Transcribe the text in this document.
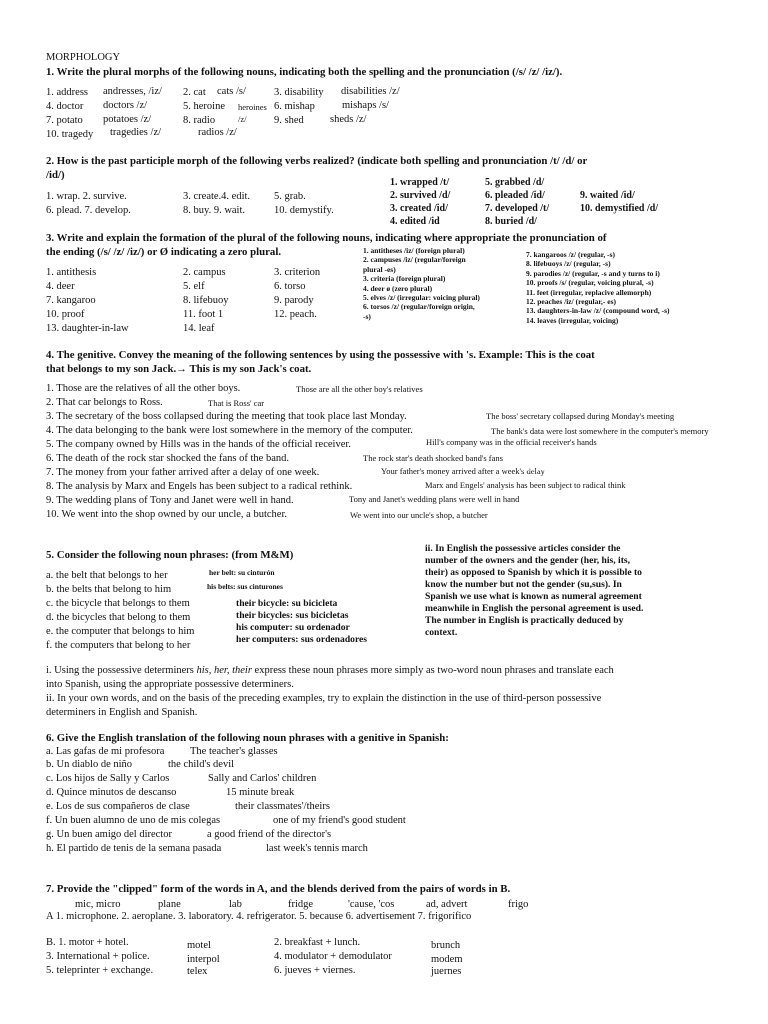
MORPHOLOGY
1. Write the plural morphs of the following nouns, indicating both the spelling and the pronunciation (/s/ /z/ /iz/).
1. address	2. cat	3. disability
4. doctor	5. heroine	6. mishap
7. potato	8. radio	9. shed
10. tragedy
andresses, /iz/	cats /s/	disabilities /z/
doctors /z/	heroines	mishaps /s/
potatoes /z/	/z/	sheds /z/
tragedies /z/	radios /z/
2. How is the past participle morph of the following verbs realized? (indicate both spelling and pronunciation /t/ /d/ or
/id/)
1. wrap. 2. survive.	3. create.4. edit. 5. grab.
6. plead. 7. develop.	8. buy. 9. wait.	10. demystify.
1. wrapped /t/	5. grabbed /d/
2. survived /d/	6. pleaded /id/	9. waited /id/
3. created /id/	7. developed /t/	10. demystified /d/
4. edited /id	8. buried /d/
3. Write and explain the formation of the plural of the following nouns, indicating where appropriate the pronunciation of
the ending (/s/ /z/ /iz/) or Ø indicating a zero plural.
1. antithesis	2. campus	3. criterion
4. deer	5. elf	6. torso
7. kangaroo	8. lifebuoy	9. parody
10. proof	11. foot 1	12. peach.
13. daughter-in-law	14. leaf
1. antitheses /iz/ (foreign plural)
2. campuses /iz/ (regular/foreign
plural -es)
3. criteria (foreign plural)
4. deer ø (zero plural)
5. elves /z/ (irregular: voicing plural)
6. torsos /z/ (regular/foreign origin,
-s)
7. kangaroos /z/ (regular, -s)
8. lifebuoys /z/ (regular, -s)
9. parodies /z/ (regular, -s and y turns to i)
10. proofs /s/ (regular, voicing plural, -s)
11. feet (irregular, replacive allemorph)
12. peaches /iz/ (regular,- es)
13. daughters-in-law /z/ (compound word, -s)
14. leaves (irregular, voicing)
4. The genitive. Convey the meaning of the following sentences by using the possessive with 's. Example: This is the coat
that belongs to my son Jack.→ This is my son Jack's coat.
1. Those are the relatives of all the other boys.
2. That car belongs to Ross.
3. The secretary of the boss collapsed during the meeting that took place last Monday.
4. The data belonging to the bank were lost somewhere in the memory of the computer.
5. The company owned by Hills was in the hands of the official receiver.
6. The death of the rock star shocked the fans of the band.
7. The money from your father arrived after a delay of one week.
8. The analysis by Marx and Engels has been subject to a radical rethink.
9. The wedding plans of Tony and Janet were well in hand.
10. We went into the shop owned by our uncle, a butcher.
Those are all the other boy's relatives
That is Ross' car
The boss' secretary collapsed during Monday's meeting
The bank's data were lost somewhere in the computer's memory
Hill's company was in the official receiver's hands
The rock star's death shocked band's fans
Your father's money arrived after a week's delay
Marx and Engels' analysis has been subject to radical think
Tony and Janet's wedding plans were well in hand
We went into our uncle's shop, a butcher
Marx and Engels's analysis has been has been subject to radical think
5. Consider the following noun phrases: (from M&M)
a. the belt that belongs to her
b. the belts that belong to him
c. the bicycle that belongs to them
d. the bicycles that belong to them
e. the computer that belongs to him
f. the computers that belong to her
her belt: su cinturón
his belts: sus cinturones
their bicycle: su bicicleta
their bicycles: sus bicicletas
his computer: su ordenador
her computers: sus ordenadores
ii. In English the possessive articles consider the number of the owners and the gender (her, his, its, their) as opposed to Spanish by which it is possible to know the number but not the gender (su,sus). In Spanish we use what is known as numeral agreement meanwhile in English the personal agreement is used. The number in English is practically deduced by context.
i. Using the possessive determiners his, her, their express these noun phrases more simply as two-word noun phrases and translate each
into Spanish, using the appropriate possessive determiners.
ii. In your own words, and on the basis of the preceding examples, try to explain the distinction in the use of third-person possessive
determiners in English and Spanish.
6. Give the English translation of the following noun phrases with a genitive in Spanish:
a. Las gafas de mi profesora
b. Un diablo de niño
c. Los hijos de Sally y Carlos
d. Quince minutos de descanso
e. Los de sus compañeros de clase
f. Un buen alumno de uno de mis colegas
g. Un buen amigo del director
h. El partido de tenis de la semana pasada
The teacher's glasses
the child's devil
Sally and Carlos' children
15 minute break
their classmates'/theirs
one of my friend's good student
a good friend of the director's
last week's tennis march
7. Provide the "clipped" form of the words in A, and the blends derived from the pairs of words in B.
mic, micro	plane	lab	fridge	'cause, 'cos	ad, advert	frigo
A 1. microphone. 2. aeroplane. 3. laboratory. 4. refrigerator. 5. because 6. advertisement 7. frigorífico
B. 1. motor + hotel.	2. breakfast + lunch.
3. International + police.	4. modulator + demodulator
5. teleprinter + exchange.	6. jueves + viernes.
motel	brunch
interpol	modem
telex	juernes
